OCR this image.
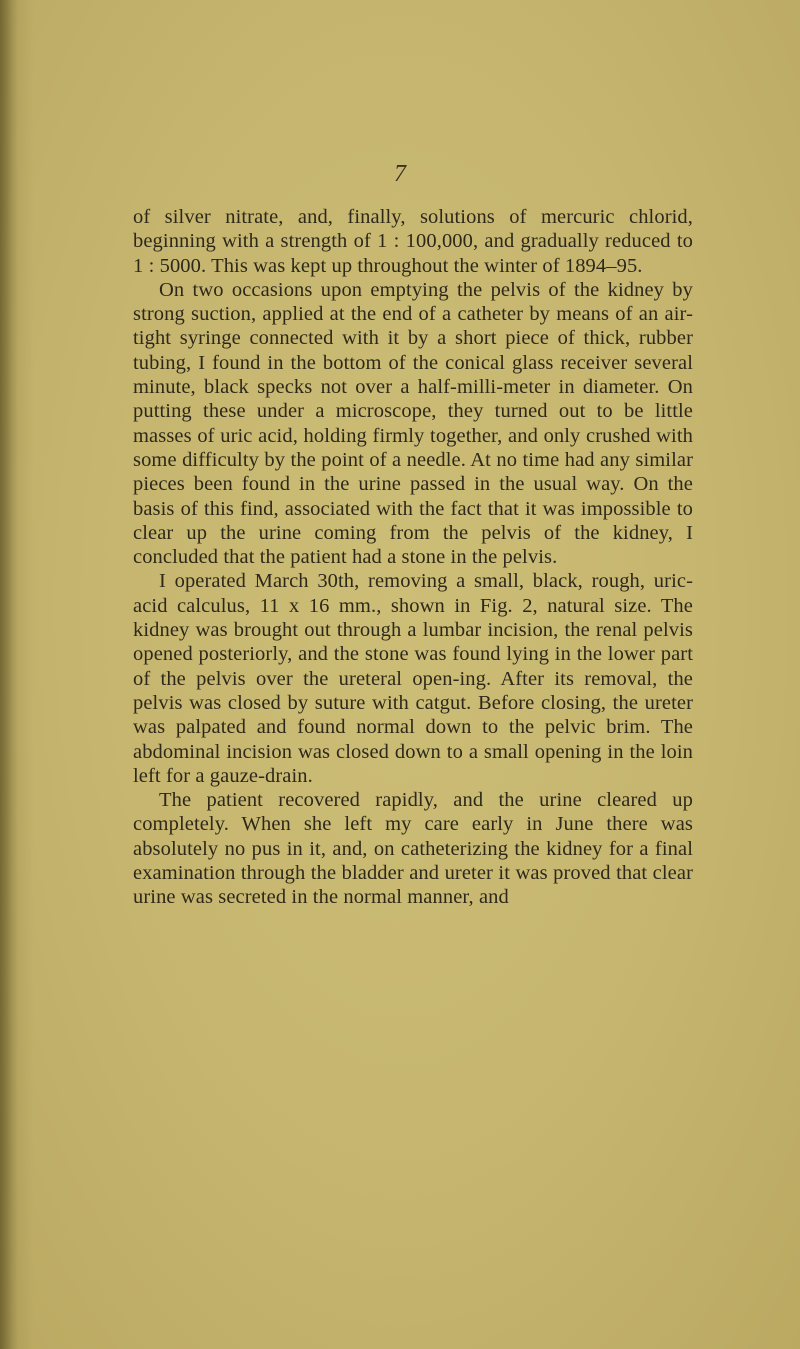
7

of silver nitrate, and, finally, solutions of mercuric chlorid, beginning with a strength of 1 : 100,000, and gradually reduced to 1 : 5000. This was kept up throughout the winter of 1894–95.

On two occasions upon emptying the pelvis of the kidney by strong suction, applied at the end of a catheter by means of an air-tight syringe connected with it by a short piece of thick, rubber tubing, I found in the bottom of the conical glass receiver several minute, black specks not over a half-milli-meter in diameter. On putting these under a microscope, they turned out to be little masses of uric acid, holding firmly together, and only crushed with some difficulty by the point of a needle. At no time had any similar pieces been found in the urine passed in the usual way. On the basis of this find, associated with the fact that it was impossible to clear up the urine coming from the pelvis of the kidney, I concluded that the patient had a stone in the pelvis.

I operated March 30th, removing a small, black, rough, uric-acid calculus, 11 x 16 mm., shown in Fig. 2, natural size. The kidney was brought out through a lumbar incision, the renal pelvis opened posteriorly, and the stone was found lying in the lower part of the pelvis over the ureteral open-ing. After its removal, the pelvis was closed by suture with catgut. Before closing, the ureter was palpated and found normal down to the pelvic brim. The abdominal incision was closed down to a small opening in the loin left for a gauze-drain.

The patient recovered rapidly, and the urine cleared up completely. When she left my care early in June there was absolutely no pus in it, and, on catheterizing the kidney for a final examination through the bladder and ureter it was proved that clear urine was secreted in the normal manner, and
